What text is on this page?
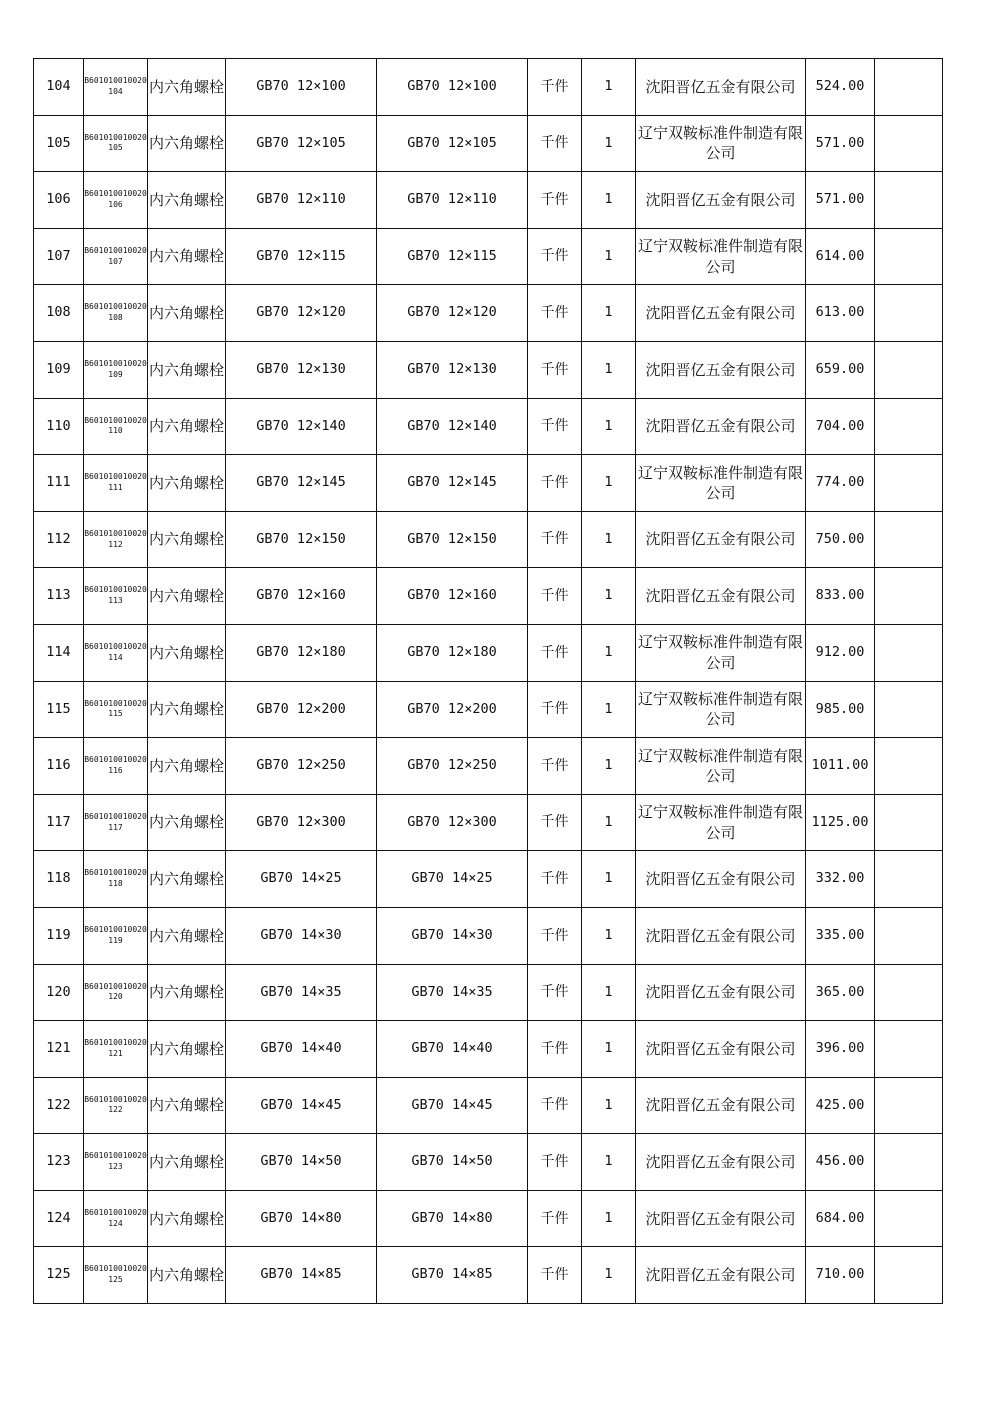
104	B601010010020104	内六角螺栓	GB70 12×100	GB70 12×100	千件	1	沈阳晋亿五金有限公司	524.00	
105	B601010010020105	内六角螺栓	GB70 12×105	GB70 12×105	千件	1	辽宁双鞍标准件制造有限公司	571.00	
106	B601010010020106	内六角螺栓	GB70 12×110	GB70 12×110	千件	1	沈阳晋亿五金有限公司	571.00	
107	B601010010020107	内六角螺栓	GB70 12×115	GB70 12×115	千件	1	辽宁双鞍标准件制造有限公司	614.00	
108	B601010010020108	内六角螺栓	GB70 12×120	GB70 12×120	千件	1	沈阳晋亿五金有限公司	613.00	
109	B601010010020109	内六角螺栓	GB70 12×130	GB70 12×130	千件	1	沈阳晋亿五金有限公司	659.00	
110	B601010010020110	内六角螺栓	GB70 12×140	GB70 12×140	千件	1	沈阳晋亿五金有限公司	704.00	
111	B601010010020111	内六角螺栓	GB70 12×145	GB70 12×145	千件	1	辽宁双鞍标准件制造有限公司	774.00	
112	B601010010020112	内六角螺栓	GB70 12×150	GB70 12×150	千件	1	沈阳晋亿五金有限公司	750.00	
113	B601010010020113	内六角螺栓	GB70 12×160	GB70 12×160	千件	1	沈阳晋亿五金有限公司	833.00	
114	B601010010020114	内六角螺栓	GB70 12×180	GB70 12×180	千件	1	辽宁双鞍标准件制造有限公司	912.00	
115	B601010010020115	内六角螺栓	GB70 12×200	GB70 12×200	千件	1	辽宁双鞍标准件制造有限公司	985.00	
116	B601010010020116	内六角螺栓	GB70 12×250	GB70 12×250	千件	1	辽宁双鞍标准件制造有限公司	1011.00	
117	B601010010020117	内六角螺栓	GB70 12×300	GB70 12×300	千件	1	辽宁双鞍标准件制造有限公司	1125.00	
118	B601010010020118	内六角螺栓	GB70 14×25	GB70 14×25	千件	1	沈阳晋亿五金有限公司	332.00	
119	B601010010020119	内六角螺栓	GB70 14×30	GB70 14×30	千件	1	沈阳晋亿五金有限公司	335.00	
120	B601010010020120	内六角螺栓	GB70 14×35	GB70 14×35	千件	1	沈阳晋亿五金有限公司	365.00	
121	B601010010020121	内六角螺栓	GB70 14×40	GB70 14×40	千件	1	沈阳晋亿五金有限公司	396.00	
122	B601010010020122	内六角螺栓	GB70 14×45	GB70 14×45	千件	1	沈阳晋亿五金有限公司	425.00	
123	B601010010020123	内六角螺栓	GB70 14×50	GB70 14×50	千件	1	沈阳晋亿五金有限公司	456.00	
124	B601010010020124	内六角螺栓	GB70 14×80	GB70 14×80	千件	1	沈阳晋亿五金有限公司	684.00	
125	B601010010020125	内六角螺栓	GB70 14×85	GB70 14×85	千件	1	沈阳晋亿五金有限公司	710.00	
